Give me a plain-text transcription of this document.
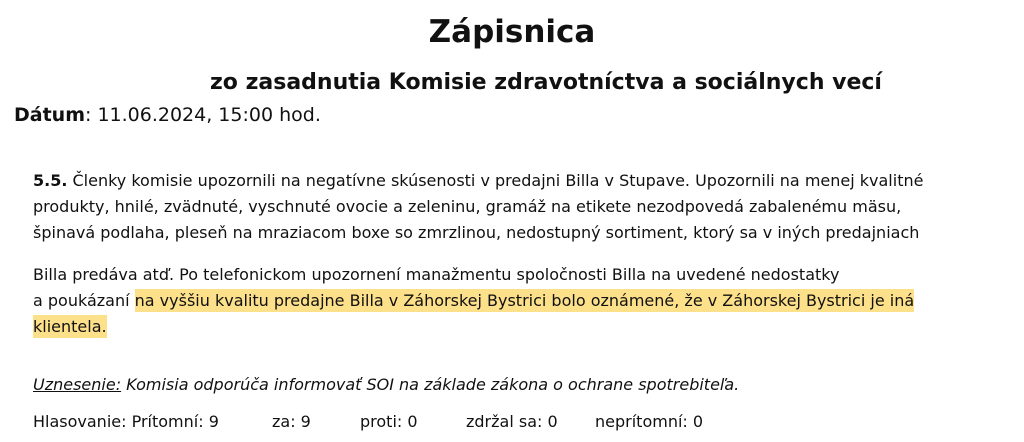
Zápisnica
zo zasadnutia Komisie zdravotníctva a sociálnych vecí
Dátum: 11.06.2024, 15:00 hod.
5.5. Členky komisie upozornili na negatívne skúsenosti v predajni Billa v Stupave. Upozornili na menej kvalitné
produkty, hnilé, zvädnuté, vyschnuté ovocie a zeleninu, gramáž na etikete nezodpovedá zabalenému mäsu,
špinavá podlaha, pleseň na mraziacom boxe so zmrzlinou, nedostupný sortiment, ktorý sa v iných predajniach
Billa predáva atď. Po telefonickom upozornení manažmentu spoločnosti Billa na uvedené nedostatky
a poukázaní na vyššiu kvalitu predajne Billa v Záhorskej Bystrici bolo oznámené, že v Záhorskej Bystrici je iná
klientela.
Uznesenie: Komisia odporúča informovať SOI na základe zákona o ochrane spotrebiteľa.
Hlasovanie: Prítomní: 9	za: 9	proti: 0	zdržal sa: 0 neprítomní: 0
